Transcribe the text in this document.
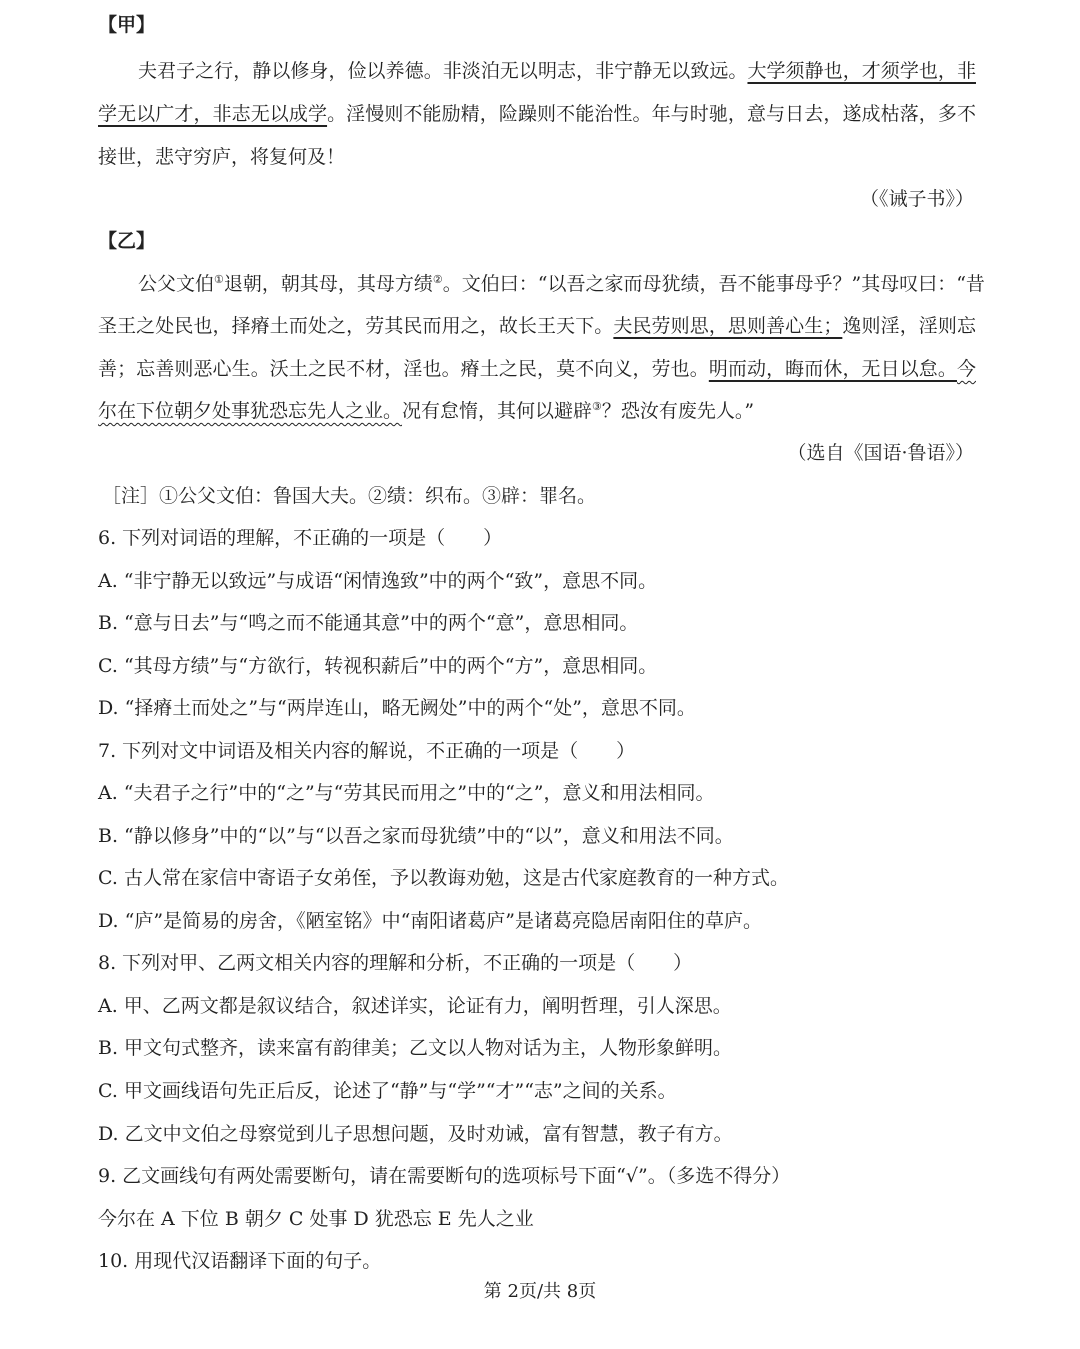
【甲】
夫君子之行，静以修身，俭以养德。非淡泊无以明志，非宁静无以致远。大学须静也，才须学也，非
学无以广才，非志无以成学。淫慢则不能励精，险躁则不能治性。年与时驰，意与日去，遂成枯落，多不
接世，悲守穷庐，将复何及！
（《诫子书》）
【乙】
公父文伯①退朝，朝其母，其母方绩②。文伯曰：“以吾之家而母犹绩，吾不能事母乎？”其母叹曰：“昔
圣王之处民也，择瘠土而处之，劳其民而用之，故长王天下。夫民劳则思，思则善心生；逸则淫，淫则忘
善；忘善则恶心生。沃土之民不材，淫也。瘠土之民，莫不向义，劳也。明而动，晦而休，无日以怠。今
尔在下位朝夕处事犹恐忘先人之业。况有怠惰，其何以避辟③？恐汝有废先人。”
（选自《国语·鲁语》）
［注］①公父文伯：鲁国大夫。②绩：织布。③辟：罪名。
6. 下列对词语的理解，不正确的一项是（　　）
A. “非宁静无以致远”与成语“闲情逸致”中的两个“致”，意思不同。
B. “意与日去”与“鸣之而不能通其意”中的两个“意”，意思相同。
C. “其母方绩”与“方欲行，转视积薪后”中的两个“方”，意思相同。
D. “择瘠土而处之”与“两岸连山，略无阙处”中的两个“处”，意思不同。
7. 下列对文中词语及相关内容的解说，不正确的一项是（　　）
A. “夫君子之行”中的“之”与“劳其民而用之”中的“之”，意义和用法相同。
B. “静以修身”中的“以”与“以吾之家而母犹绩”中的“以”，意义和用法不同。
C. 古人常在家信中寄语子女弟侄，予以教诲劝勉，这是古代家庭教育的一种方式。
D. “庐”是简易的房舍，《陋室铭》中“南阳诸葛庐”是诸葛亮隐居南阳住的草庐。
8. 下列对甲、乙两文相关内容的理解和分析，不正确的一项是（　　）
A. 甲、乙两文都是叙议结合，叙述详实，论证有力，阐明哲理，引人深思。
B. 甲文句式整齐，读来富有韵律美；乙文以人物对话为主，人物形象鲜明。
C. 甲文画线语句先正后反，论述了“静”与“学”“才”“志”之间的关系。
D. 乙文中文伯之母察觉到儿子思想问题，及时劝诫，富有智慧，教子有方。
9. 乙文画线句有两处需要断句，请在需要断句的选项标号下面“√”。（多选不得分）
今尔在 A 下位 B 朝夕 C 处事 D 犹恐忘 E 先人之业
10. 用现代汉语翻译下面的句子。
第 2页/共 8页
